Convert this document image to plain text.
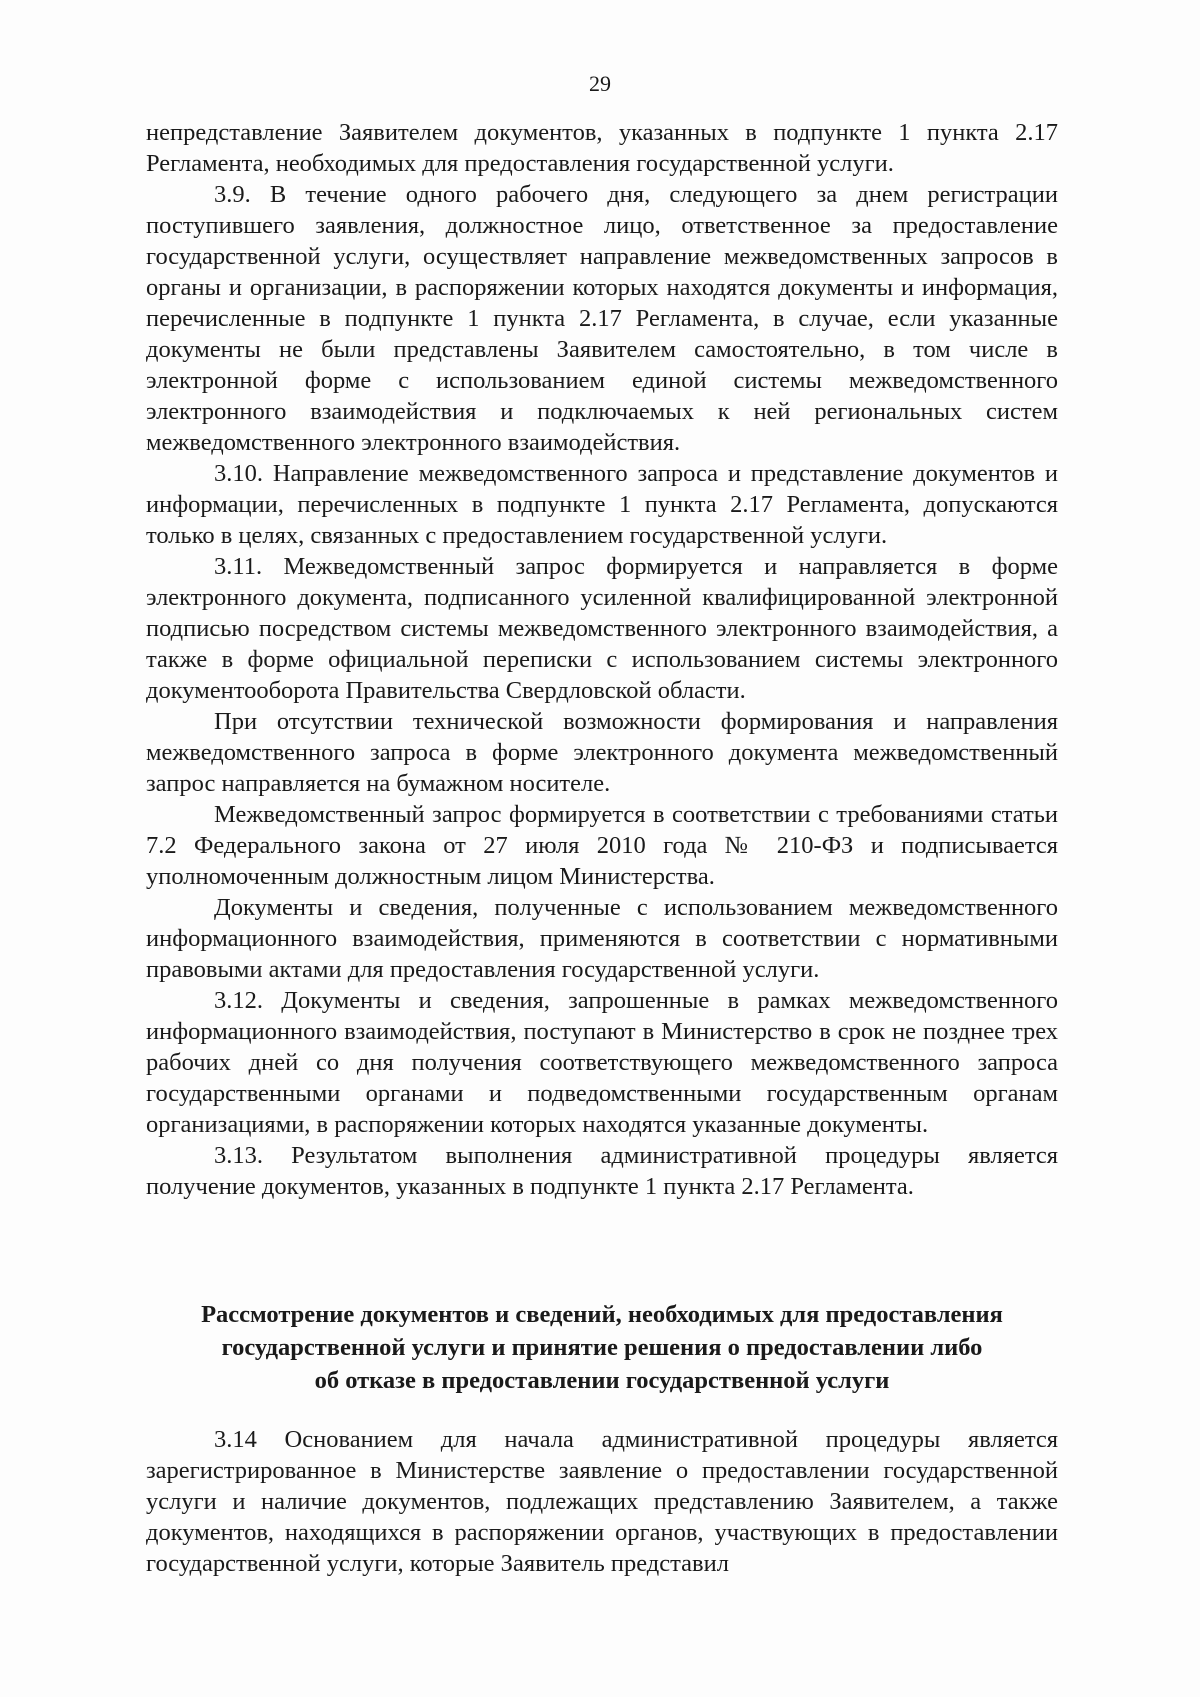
29

непредставление Заявителем документов, указанных в подпункте 1 пункта 2.17 Регламента, необходимых для предоставления государственной услуги.

3.9. В течение одного рабочего дня, следующего за днем регистрации поступившего заявления, должностное лицо, ответственное за предоставление государственной услуги, осуществляет направление межведомственных запросов в органы и организации, в распоряжении которых находятся документы и информация, перечисленные в подпункте 1 пункта 2.17 Регламента, в случае, если указанные документы не были представлены Заявителем самостоятельно, в том числе в электронной форме с использованием единой системы межведомственного электронного взаимодействия и подключаемых к ней региональных систем межведомственного электронного взаимодействия.

3.10. Направление межведомственного запроса и представление документов и информации, перечисленных в подпункте 1 пункта 2.17 Регламента, допускаются только в целях, связанных с предоставлением государственной услуги.

3.11. Межведомственный запрос формируется и направляется в форме электронного документа, подписанного усиленной квалифицированной электронной подписью посредством системы межведомственного электронного взаимодействия, а также в форме официальной переписки с использованием системы электронного документооборота Правительства Свердловской области.

При отсутствии технической возможности формирования и направления межведомственного запроса в форме электронного документа межведомственный запрос направляется на бумажном носителе.

Межведомственный запрос формируется в соответствии с требованиями статьи 7.2 Федерального закона от 27 июля 2010 года № 210-ФЗ и подписывается уполномоченным должностным лицом Министерства.

Документы и сведения, полученные с использованием межведомственного информационного взаимодействия, применяются в соответствии с нормативными правовыми актами для предоставления государственной услуги.

3.12. Документы и сведения, запрошенные в рамках межведомственного информационного взаимодействия, поступают в Министерство в срок не позднее трех рабочих дней со дня получения соответствующего межведомственного запроса государственными органами и подведомственными государственным органам организациями, в распоряжении которых находятся указанные документы.

3.13. Результатом выполнения административной процедуры является получение документов, указанных в подпункте 1 пункта 2.17 Регламента.

Рассмотрение документов и сведений, необходимых для предоставления
государственной услуги и принятие решения о предоставлении либо
об отказе в предоставлении государственной услуги

3.14 Основанием для начала административной процедуры является зарегистрированное в Министерстве заявление о предоставлении государственной услуги и наличие документов, подлежащих представлению Заявителем, а также документов, находящихся в распоряжении органов, участвующих в предоставлении государственной услуги, которые Заявитель представил
